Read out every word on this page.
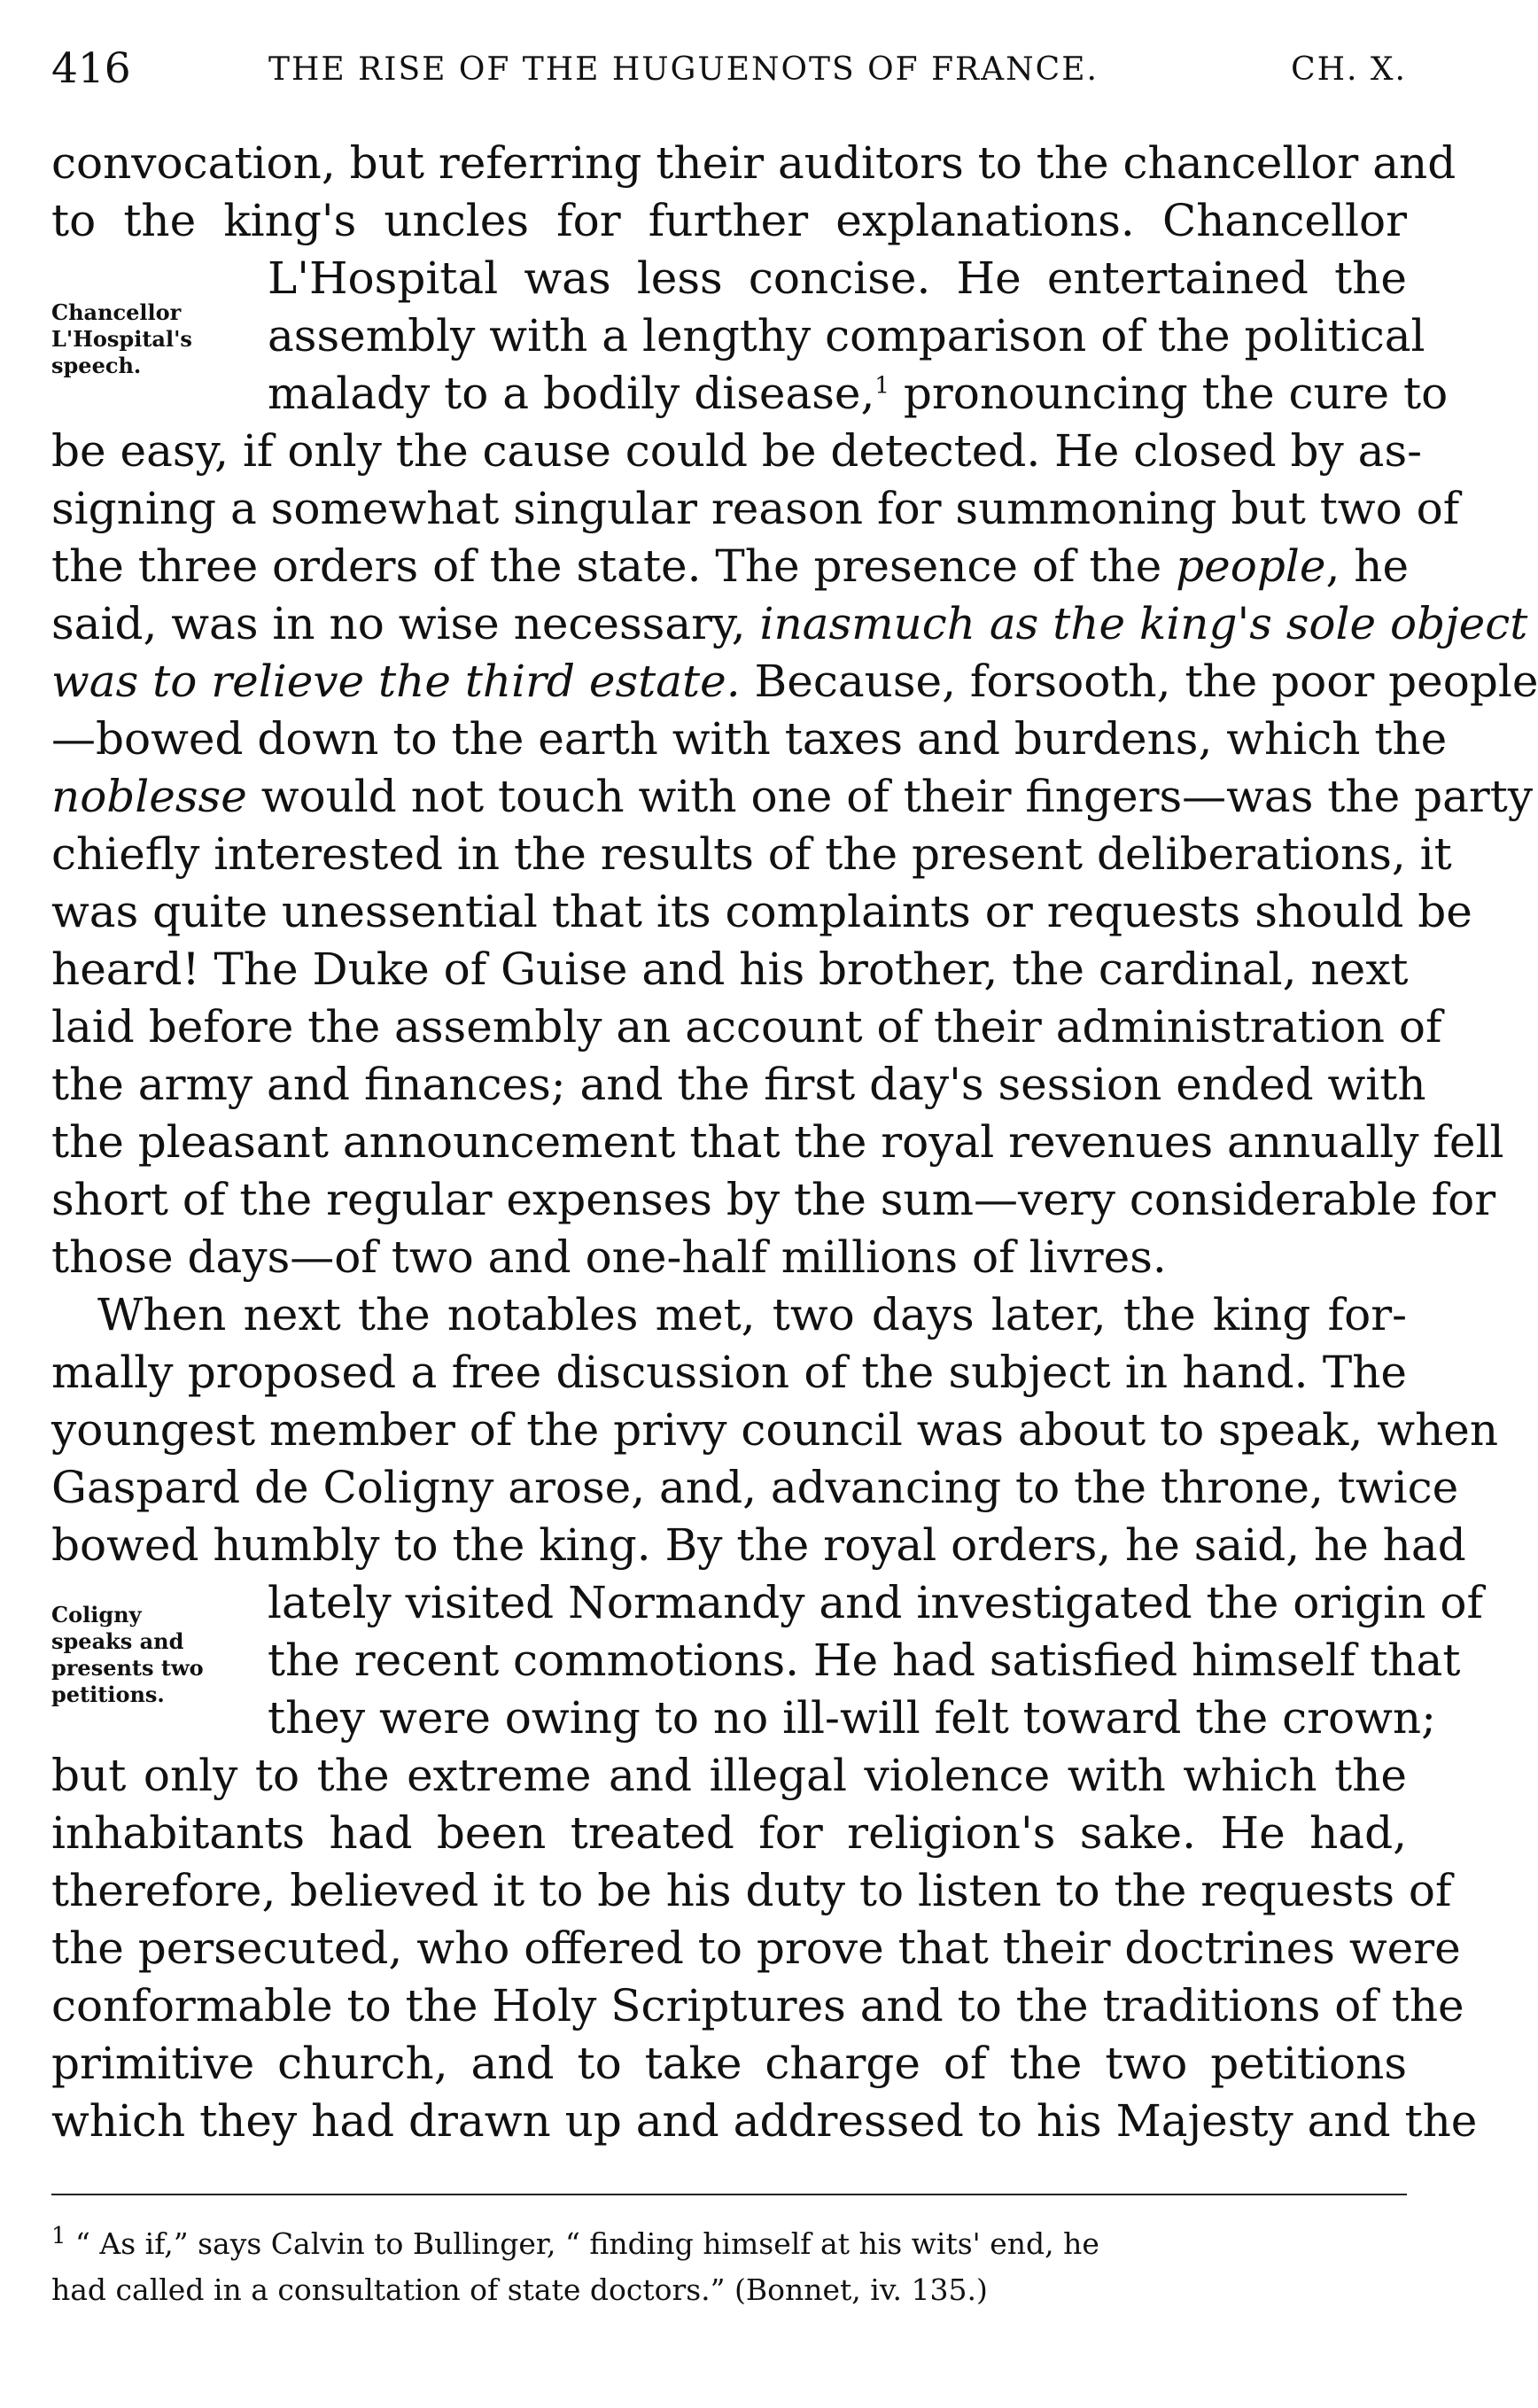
416	THE RISE OF THE HUGUENOTS OF FRANCE.	CH. X.
Chancellor
L'Hospital's
speech.
Coligny
speaks and
presents two
petitions.
convocation, but referring their auditors to the chancellor and
to the king's uncles for further explanations. Chancellor
L'Hospital was less concise. He entertained the
assembly with a lengthy comparison of the political
malady to a bodily disease,$^1$ pronouncing the cure to
be easy, if only the cause could be detected. He closed by as-
signing a somewhat singular reason for summoning but two of
the three orders of the state. The presence of the people, he
said, was in no wise necessary, inasmuch as the king's sole object
was to relieve the third estate. Because, forsooth, the poor people
—bowed down to the earth with taxes and burdens, which the
noblesse would not touch with one of their fingers—was the party
chiefly interested in the results of the present deliberations, it
was quite unessential that its complaints or requests should be
heard! The Duke of Guise and his brother, the cardinal, next
laid before the assembly an account of their administration of
the army and finances; and the first day's session ended with
the pleasant announcement that the royal revenues annually fell
short of the regular expenses by the sum—very considerable for
those days—of two and one-half millions of livres.
When next the notables met, two days later, the king for-
mally proposed a free discussion of the subject in hand. The
youngest member of the privy council was about to speak, when
Gaspard de Coligny arose, and, advancing to the throne, twice
bowed humbly to the king. By the royal orders, he said, he had
lately visited Normandy and investigated the origin of
the recent commotions. He had satisfied himself that
they were owing to no ill-will felt toward the crown;
but only to the extreme and illegal violence with which the
inhabitants had been treated for religion's sake. He had,
therefore, believed it to be his duty to listen to the requests of
the persecuted, who offered to prove that their doctrines were
conformable to the Holy Scriptures and to the traditions of the
primitive church, and to take charge of the two petitions
which they had drawn up and addressed to his Majesty and the
$^1$ “ As if,” says Calvin to Bullinger, “ finding himself at his wits' end, he
had called in a consultation of state doctors.” (Bonnet, iv. 135.)
